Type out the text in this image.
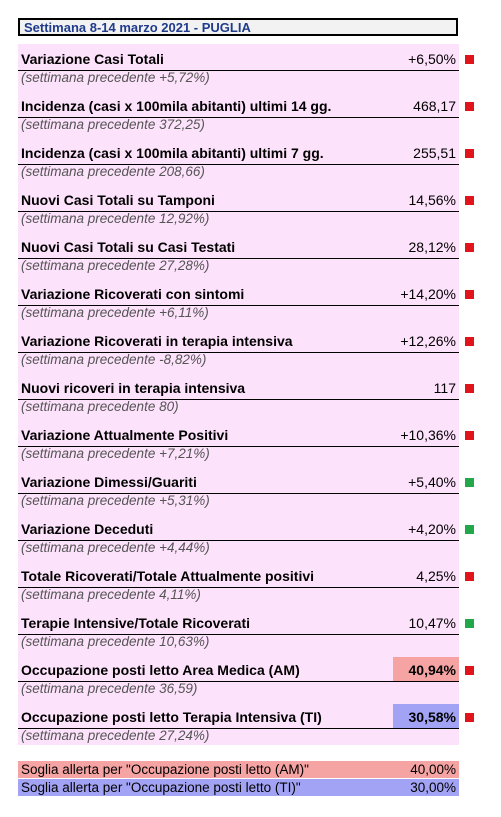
Settimana 8-14 marzo 2021 - PUGLIA
Variazione Casi Totali	+6,50%
(settimana precedente +5,72%)
Incidenza (casi x 100mila abitanti) ultimi 14 gg.	468,17
(settimana precedente 372,25)
Incidenza (casi x 100mila abitanti) ultimi 7 gg.	255,51
(settimana precedente 208,66)
Nuovi Casi Totali su Tamponi	14,56%
(settimana precedente 12,92%)
Nuovi Casi Totali su Casi Testati	28,12%
(settimana precedente 27,28%)
Variazione Ricoverati con sintomi	+14,20%
(settimana precedente +6,11%)
Variazione Ricoverati in terapia intensiva	+12,26%
(settimana precedente -8,82%)
Nuovi ricoveri in terapia intensiva	117
(settimana precedente 80)
Variazione Attualmente Positivi	+10,36%
(settimana precedente +7,21%)
Variazione Dimessi/Guariti	+5,40%
(settimana precedente +5,31%)
Variazione Deceduti	+4,20%
(settimana precedente +4,44%)
Totale Ricoverati/Totale Attualmente positivi	4,25%
(settimana precedente 4,11%)
Terapie Intensive/Totale Ricoverati	10,47%
(settimana precedente 10,63%)
Occupazione posti letto Area Medica (AM)	40,94%
(settimana precedente 36,59)
Occupazione posti letto Terapia Intensiva (TI)	30,58%
(settimana precedente 27,24%)
Soglia allerta per "Occupazione posti letto (AM)"	40,00%
Soglia allerta per "Occupazione posti letto (TI)"	30,00%
